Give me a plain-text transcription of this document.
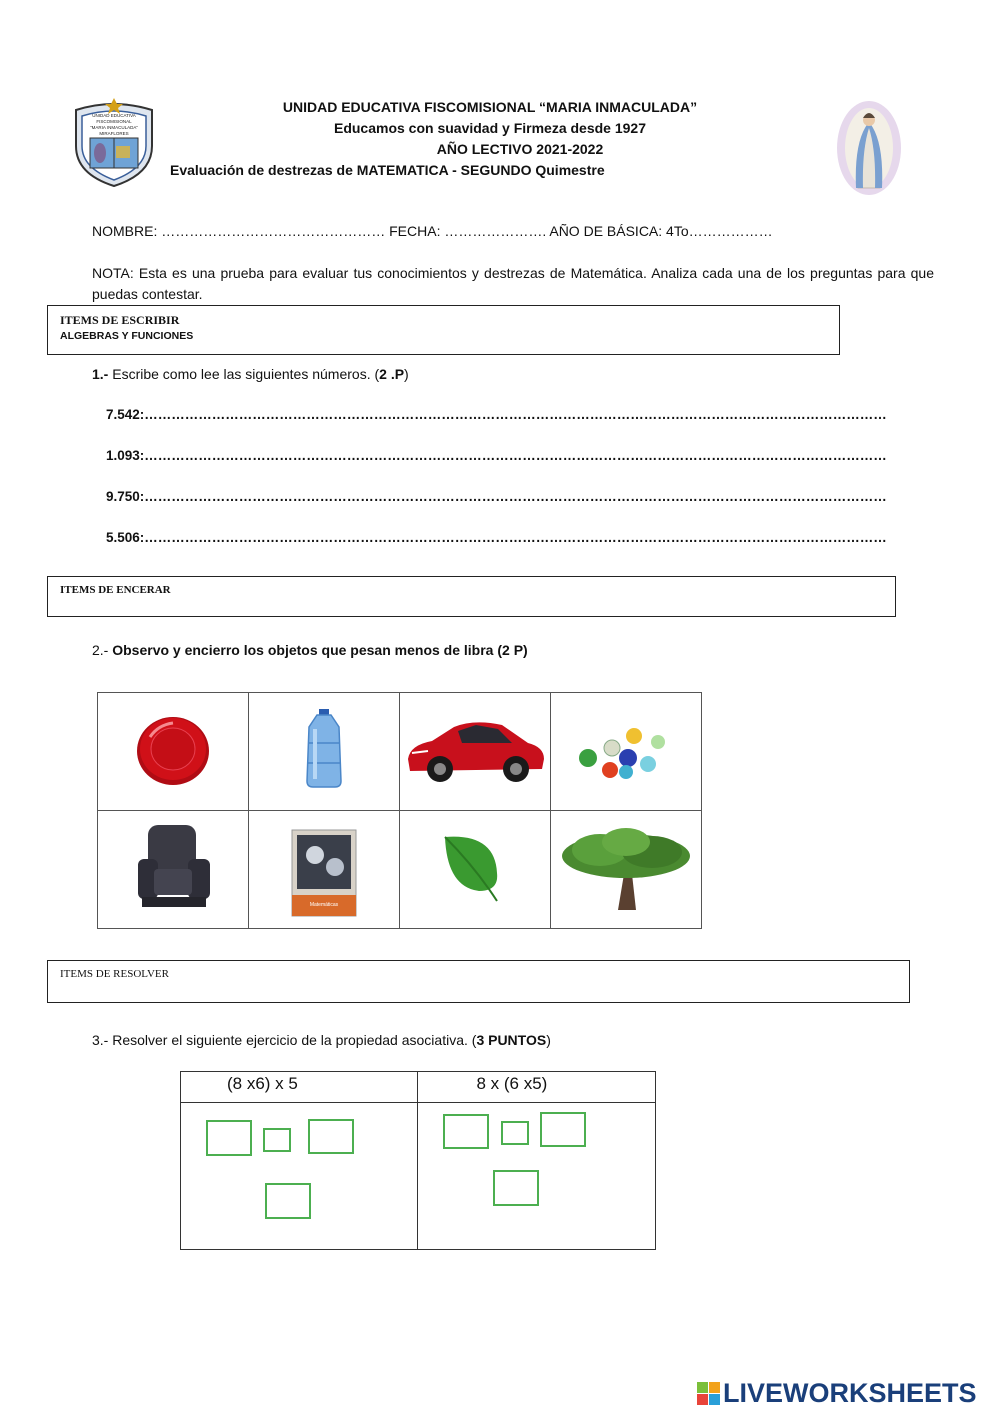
UNIDAD EDUCATIVA FISCOMISIONAL
"MARIA INMACULADA"
MIRAFLORES
UNIDAD EDUCATIVA FISCOMISIONAL “MARIA INMACULADA”
Educamos con suavidad y Firmeza desde 1927
AÑO LECTIVO 2021-2022
Evaluación de destrezas de MATEMATICA - SEGUNDO Quimestre
NOMBRE: ………………………………………… FECHA: …………………. AÑO DE BÁSICA: 4To………………
NOTA: Esta es una prueba para evaluar tus conocimientos y destrezas de Matemática. Analiza cada una de los preguntas para que puedas contestar.
ITEMS DE ESCRIBIR
ALGEBRAS Y FUNCIONES
1.- Escribe como lee las siguientes números. (2 .P)
7.542:…………………………………………………………………………………………………………………………………………………
1.093:…………………………………………………………………………………………………………………………………………………
9.750:…………………………………………………………………………………………………………………………………………………
5.506:…………………………………………………………………………………………………………………………………………………
ITEMS DE ENCERAR
2.- Observo y encierro los objetos que pesan menos de libra (2 P)

Matemáticas

ITEMS DE RESOLVER
3.- Resolver el siguiente ejercicio de la propiedad asociativa. (3 PUNTOS)
(8 x6) x 5	8 x (6 x5)

LIVEWORKSHEETS
